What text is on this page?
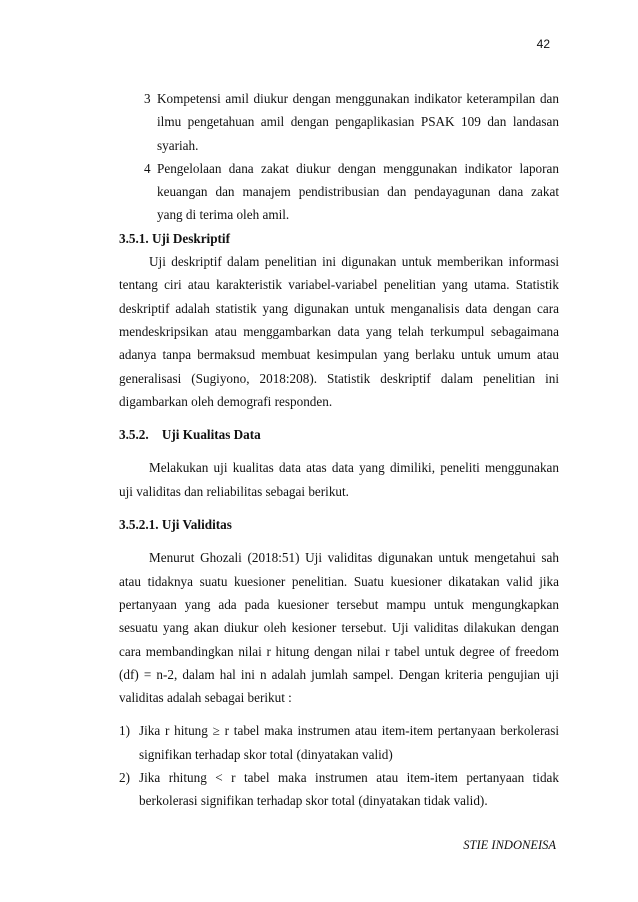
42
3 Kompetensi amil diukur dengan menggunakan indikator keterampilan dan
ilmu pengetahuan amil dengan pengaplikasian PSAK 109 dan landasan
syariah.
4 Pengelolaan dana zakat diukur dengan menggunakan indikator laporan
keuangan dan manajem pendistribusian dan pendayagunan dana zakat
yang di terima oleh amil.
3.5.1. Uji Deskriptif
Uji deskriptif dalam penelitian ini digunakan untuk memberikan informasi
tentang ciri atau karakteristik variabel-variabel penelitian yang utama. Statistik
deskriptif adalah statistik yang digunakan untuk menganalisis data dengan cara
mendeskripsikan atau menggambarkan data yang telah terkumpul sebagaimana
adanya tanpa bermaksud membuat kesimpulan yang berlaku untuk umum atau
generalisasi (Sugiyono, 2018:208). Statistik deskriptif dalam penelitian ini
digambarkan oleh demografi responden.
3.5.2.    Uji Kualitas Data
Melakukan uji kualitas data atas data yang dimiliki, peneliti menggunakan
uji validitas dan reliabilitas sebagai berikut.
3.5.2.1. Uji Validitas
Menurut Ghozali (2018:51) Uji validitas digunakan untuk mengetahui sah
atau tidaknya suatu kuesioner penelitian. Suatu kuesioner dikatakan valid jika
pertanyaan yang ada pada kuesioner tersebut mampu untuk mengungkapkan
sesuatu yang akan diukur oleh kesioner tersebut. Uji validitas dilakukan dengan
cara membandingkan nilai r hitung dengan nilai r tabel untuk degree of freedom
(df) = n-2, dalam hal ini n adalah jumlah sampel. Dengan kriteria pengujian uji
validitas adalah sebagai berikut :
1) Jika r hitung ≥ r tabel maka instrumen atau item-item pertanyaan berkolerasi
signifikan terhadap skor total (dinyatakan valid)
2) Jika rhitung < r tabel maka instrumen atau item-item pertanyaan tidak
berkolerasi signifikan terhadap skor total (dinyatakan tidak valid).
STIE INDONEISA
